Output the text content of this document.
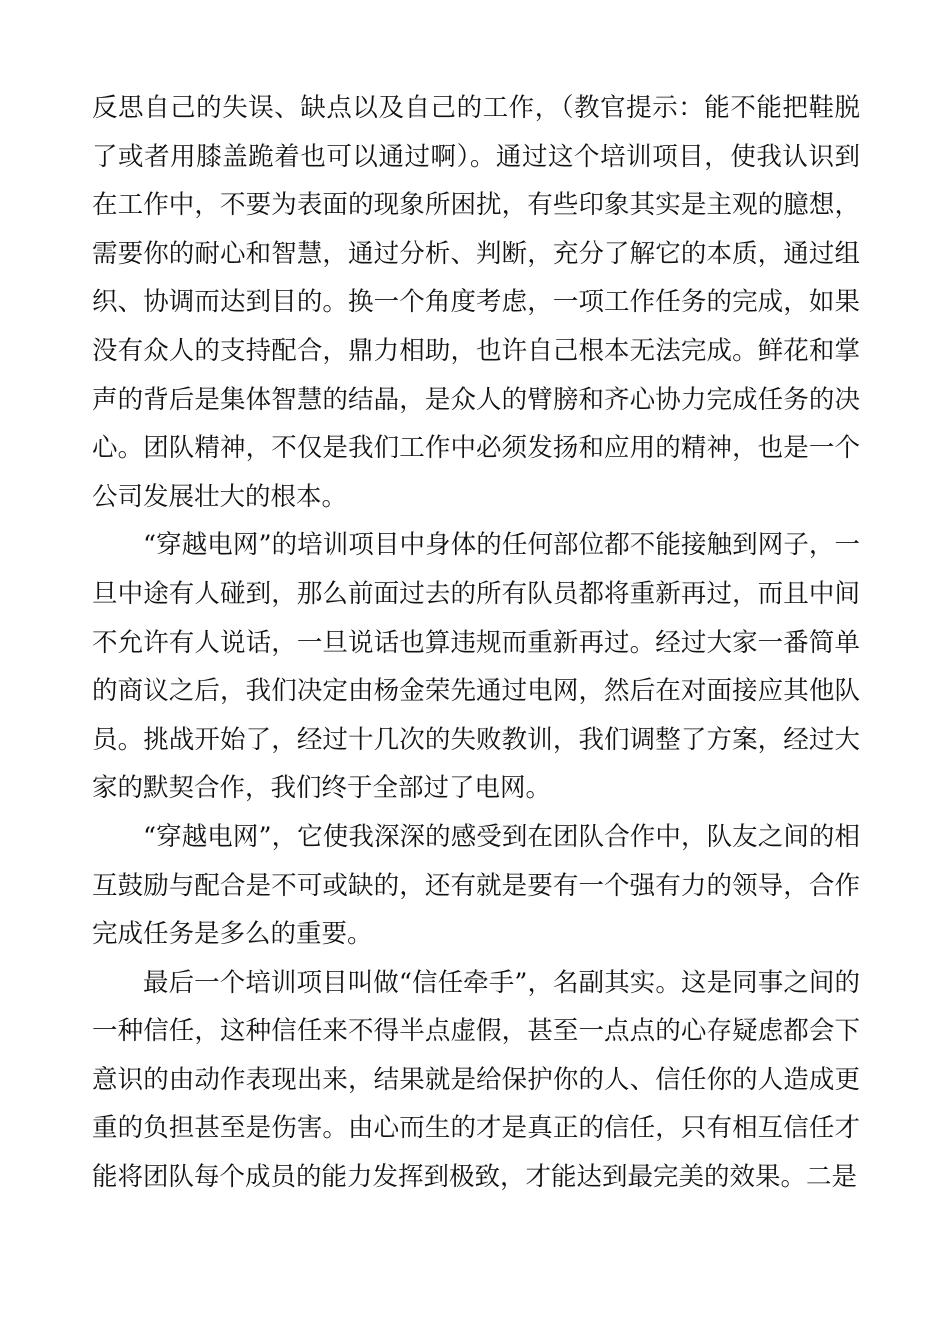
反思自己的失误、缺点以及自己的工作，（教官提示：能不能把鞋脱了或者用膝盖跪着也可以通过啊）。通过这个培训项目，使我认识到在工作中，不要为表面的现象所困扰，有些印象其实是主观的臆想，需要你的耐心和智慧，通过分析、判断，充分了解它的本质，通过组织、协调而达到目的。换一个角度考虑，一项工作任务的完成，如果没有众人的支持配合，鼎力相助，也许自己根本无法完成。鲜花和掌声的背后是集体智慧的结晶，是众人的臂膀和齐心协力完成任务的决心。团队精神，不仅是我们工作中必须发扬和应用的精神，也是一个公司发展壮大的根本。

“穿越电网”的培训项目中身体的任何部位都不能接触到网子，一旦中途有人碰到，那么前面过去的所有队员都将重新再过，而且中间不允许有人说话，一旦说话也算违规而重新再过。经过大家一番简单的商议之后，我们决定由杨金荣先通过电网，然后在对面接应其他队员。挑战开始了，经过十几次的失败教训，我们调整了方案，经过大家的默契合作，我们终于全部过了电网。

“穿越电网”，它使我深深的感受到在团队合作中，队友之间的相互鼓励与配合是不可或缺的，还有就是要有一个强有力的领导，合作完成任务是多么的重要。

最后一个培训项目叫做“信任牵手”，名副其实。这是同事之间的一种信任，这种信任来不得半点虚假，甚至一点点的心存疑虑都会下意识的由动作表现出来，结果就是给保护你的人、信任你的人造成更重的负担甚至是伤害。由心而生的才是真正的信任，只有相互信任才能将团队每个成员的能力发挥到极致，才能达到最完美的效果。二是
